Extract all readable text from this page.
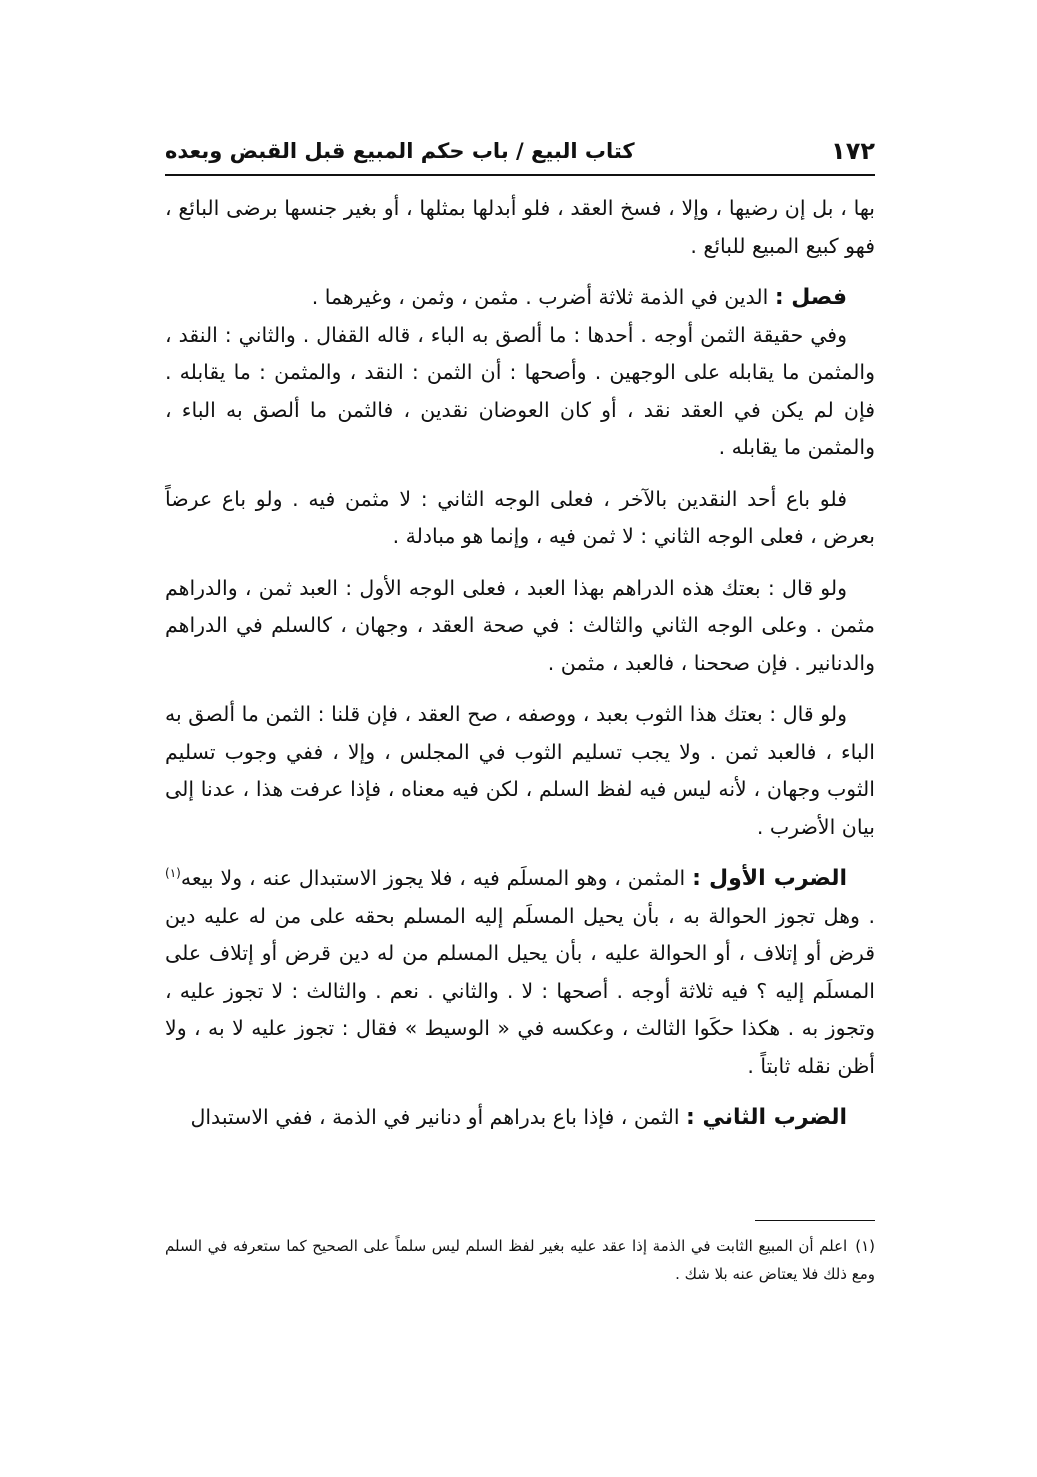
١٧٢
كتاب البيع / باب حكم المبيع قبل القبض وبعده

بها ، بل إن رضيها ، وإلا ، فسخ العقد ، فلو أبدلها بمثلها ، أو بغير جنسها برضى البائع ، فهو كبيع المبيع للبائع .

فصل : الدين في الذمة ثلاثة أضرب . مثمن ، وثمن ، وغيرهما .

وفي حقيقة الثمن أوجه . أحدها : ما ألصق به الباء ، قاله القفال . والثاني : النقد ، والمثمن ما يقابله على الوجهين . وأصحها : أن الثمن : النقد ، والمثمن : ما يقابله . فإن لم يكن في العقد نقد ، أو كان العوضان نقدين ، فالثمن ما ألصق به الباء ، والمثمن ما يقابله .

فلو باع أحد النقدين بالآخر ، فعلى الوجه الثاني : لا مثمن فيه . ولو باع عرضاً بعرض ، فعلى الوجه الثاني : لا ثمن فيه ، وإنما هو مبادلة .

ولو قال : بعتك هذه الدراهم بهذا العبد ، فعلى الوجه الأول : العبد ثمن ، والدراهم مثمن . وعلى الوجه الثاني والثالث : في صحة العقد ، وجهان ، كالسلم في الدراهم والدنانير . فإن صححنا ، فالعبد ، مثمن .

ولو قال : بعتك هذا الثوب بعبد ، ووصفه ، صح العقد ، فإن قلنا : الثمن ما ألصق به الباء ، فالعبد ثمن . ولا يجب تسليم الثوب في المجلس ، وإلا ، ففي وجوب تسليم الثوب وجهان ، لأنه ليس فيه لفظ السلم ، لكن فيه معناه ، فإذا عرفت هذا ، عدنا إلى بيان الأضرب .

الضرب الأول : المثمن ، وهو المسلَم فيه ، فلا يجوز الاستبدال عنه ، ولا بيعه$^{(١)}$ . وهل تجوز الحوالة به ، بأن يحيل المسلَم إليه المسلم بحقه على من له عليه دين قرض أو إتلاف ، أو الحوالة عليه ، بأن يحيل المسلم من له دين قرض أو إتلاف على المسلَم إليه ؟ فيه ثلاثة أوجه . أصحها : لا . والثاني . نعم . والثالث : لا تجوز عليه ، وتجوز به . هكذا حكَوا الثالث ، وعكسه في « الوسيط » فقال : تجوز عليه لا به ، ولا أظن نقله ثابتاً .

الضرب الثاني : الثمن ، فإذا باع بدراهم أو دنانير في الذمة ، ففي الاستبدال

(١)اعلم أن المبيع الثابت في الذمة إذا عقد عليه بغير لفظ السلم ليس سلماً على الصحيح كما ستعرفه في السلم ومع ذلك فلا يعتاض عنه بلا شك .
